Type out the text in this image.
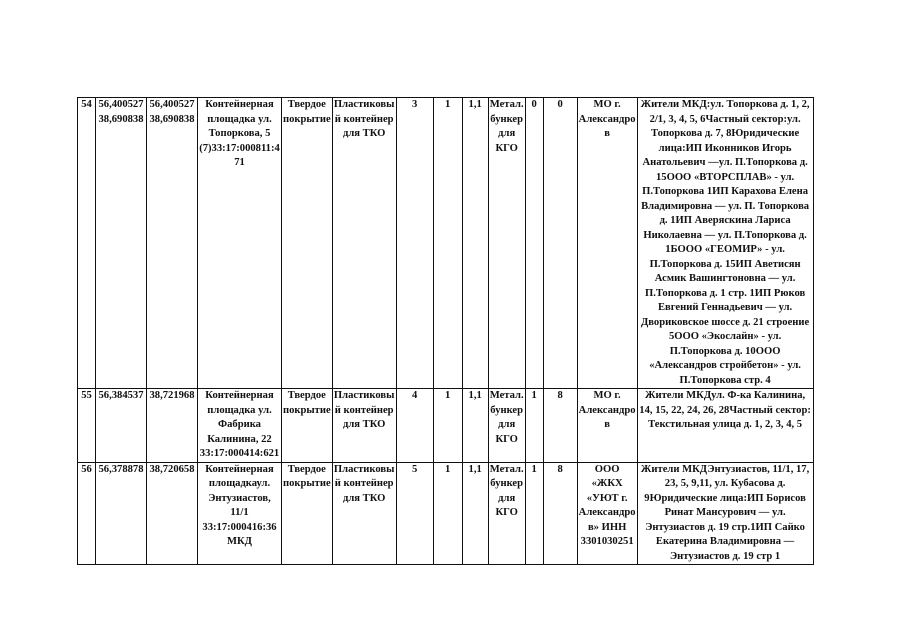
54	56,400527 38,690838	56,400527 38,690838	Контейнерная площадка ул. Топоркова, 5 (7)33:17:000811:4 71	Твердое покрытие	Пластиковы й контейнер для ТКО	3	1	1,1	Метал. бункер для КГО	0	0	МО г. Александро в	Жители МКД:ул. Топоркова д. 1, 2, 2/1, 3, 4, 5, 6Частный сектор:ул. Топоркова д. 7, 8Юридические лица:ИП Иконников Игорь Анатольевич —ул. П.Топоркова д. 15ООО «ВТОРСПЛАВ» - ул. П.Топоркова 1ИП Карахова Елена Владимировна — ул. П. Топоркова д. 1ИП Аверяскина Лариса Николаевна — ул. П.Топоркова д. 1БООО «ГЕОМИР» - ул. П.Топоркова д. 15ИП Аветисян Асмик Вашингтоновна — ул. П.Топоркова д. 1 стр. 1ИП Рюков Евгений Геннадьевич — ул. Двориковское шоссе д. 21 строение 5ООО «Экослайн» - ул. П.Топоркова д. 10ООО «Александров стройбетон» - ул. П.Топоркова стр. 4
55	56,384537	38,721968	Контейнерная площадка ул. Фабрика Калинина, 22 33:17:000414:621	Твердое покрытие	Пластиковы й контейнер для ТКО	4	1	1,1	Метал. бункер для КГО	1	8	МО г. Александро в	Жители МКДул. Ф-ка Калинина, 14, 15, 22, 24, 26, 28Частный сектор: Текстильная улица д. 1, 2, 3, 4, 5
56	56,378878	38,720658	Контейнерная площадкаул. Энтузиастов, 11/1 33:17:000416:36 МКД	Твердое покрытие	Пластиковы й контейнер для ТКО	5	1	1,1	Метал. бункер для КГО	1	8	ООО «ЖКХ «УЮТ г. Александро в» ИНН 3301030251	Жители МКДЭнтузиастов, 11/1, 17, 23, 5, 9,11, ул. Кубасова д. 9Юридические лица:ИП Борисов Ринат Мансурович — ул. Энтузиастов д. 19 стр.1ИП Сайко Екатерина Владимировна — Энтузиастов д. 19 стр 1
